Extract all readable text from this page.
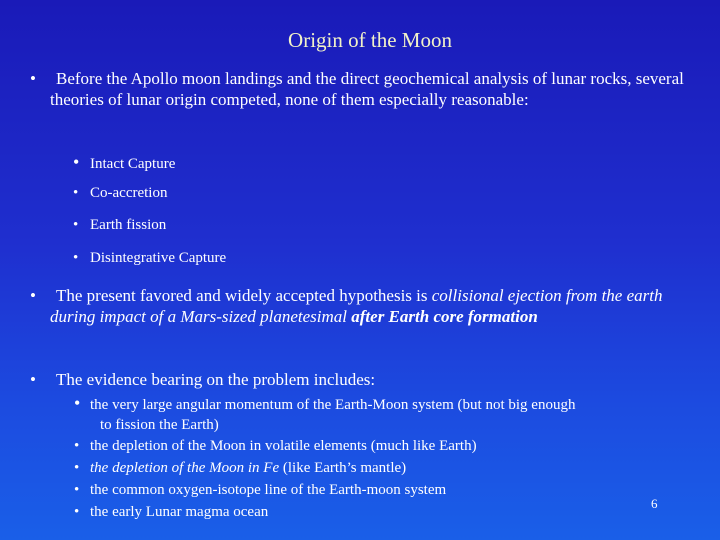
Origin of the Moon
•	Before the Apollo moon landings and the direct geochemical analysis of lunar rocks, several theories of lunar origin competed, none of them especially reasonable:
• Intact Capture
• Co-accretion
• Earth fission
• Disintegrative Capture
•	The present favored and widely accepted hypothesis is collisional ejection from the earth during impact of a Mars-sized planetesimal after Earth core formation
•	The evidence bearing on the problem includes:
• the very large angular momentum of the Earth-Moon system (but not big enough
to fission the Earth)
• the depletion of the Moon in volatile elements (much like Earth)
• the depletion of the Moon in Fe (like Earth’s mantle)
• the common oxygen-isotope line of the Earth-moon system
• the early Lunar magma ocean
6
